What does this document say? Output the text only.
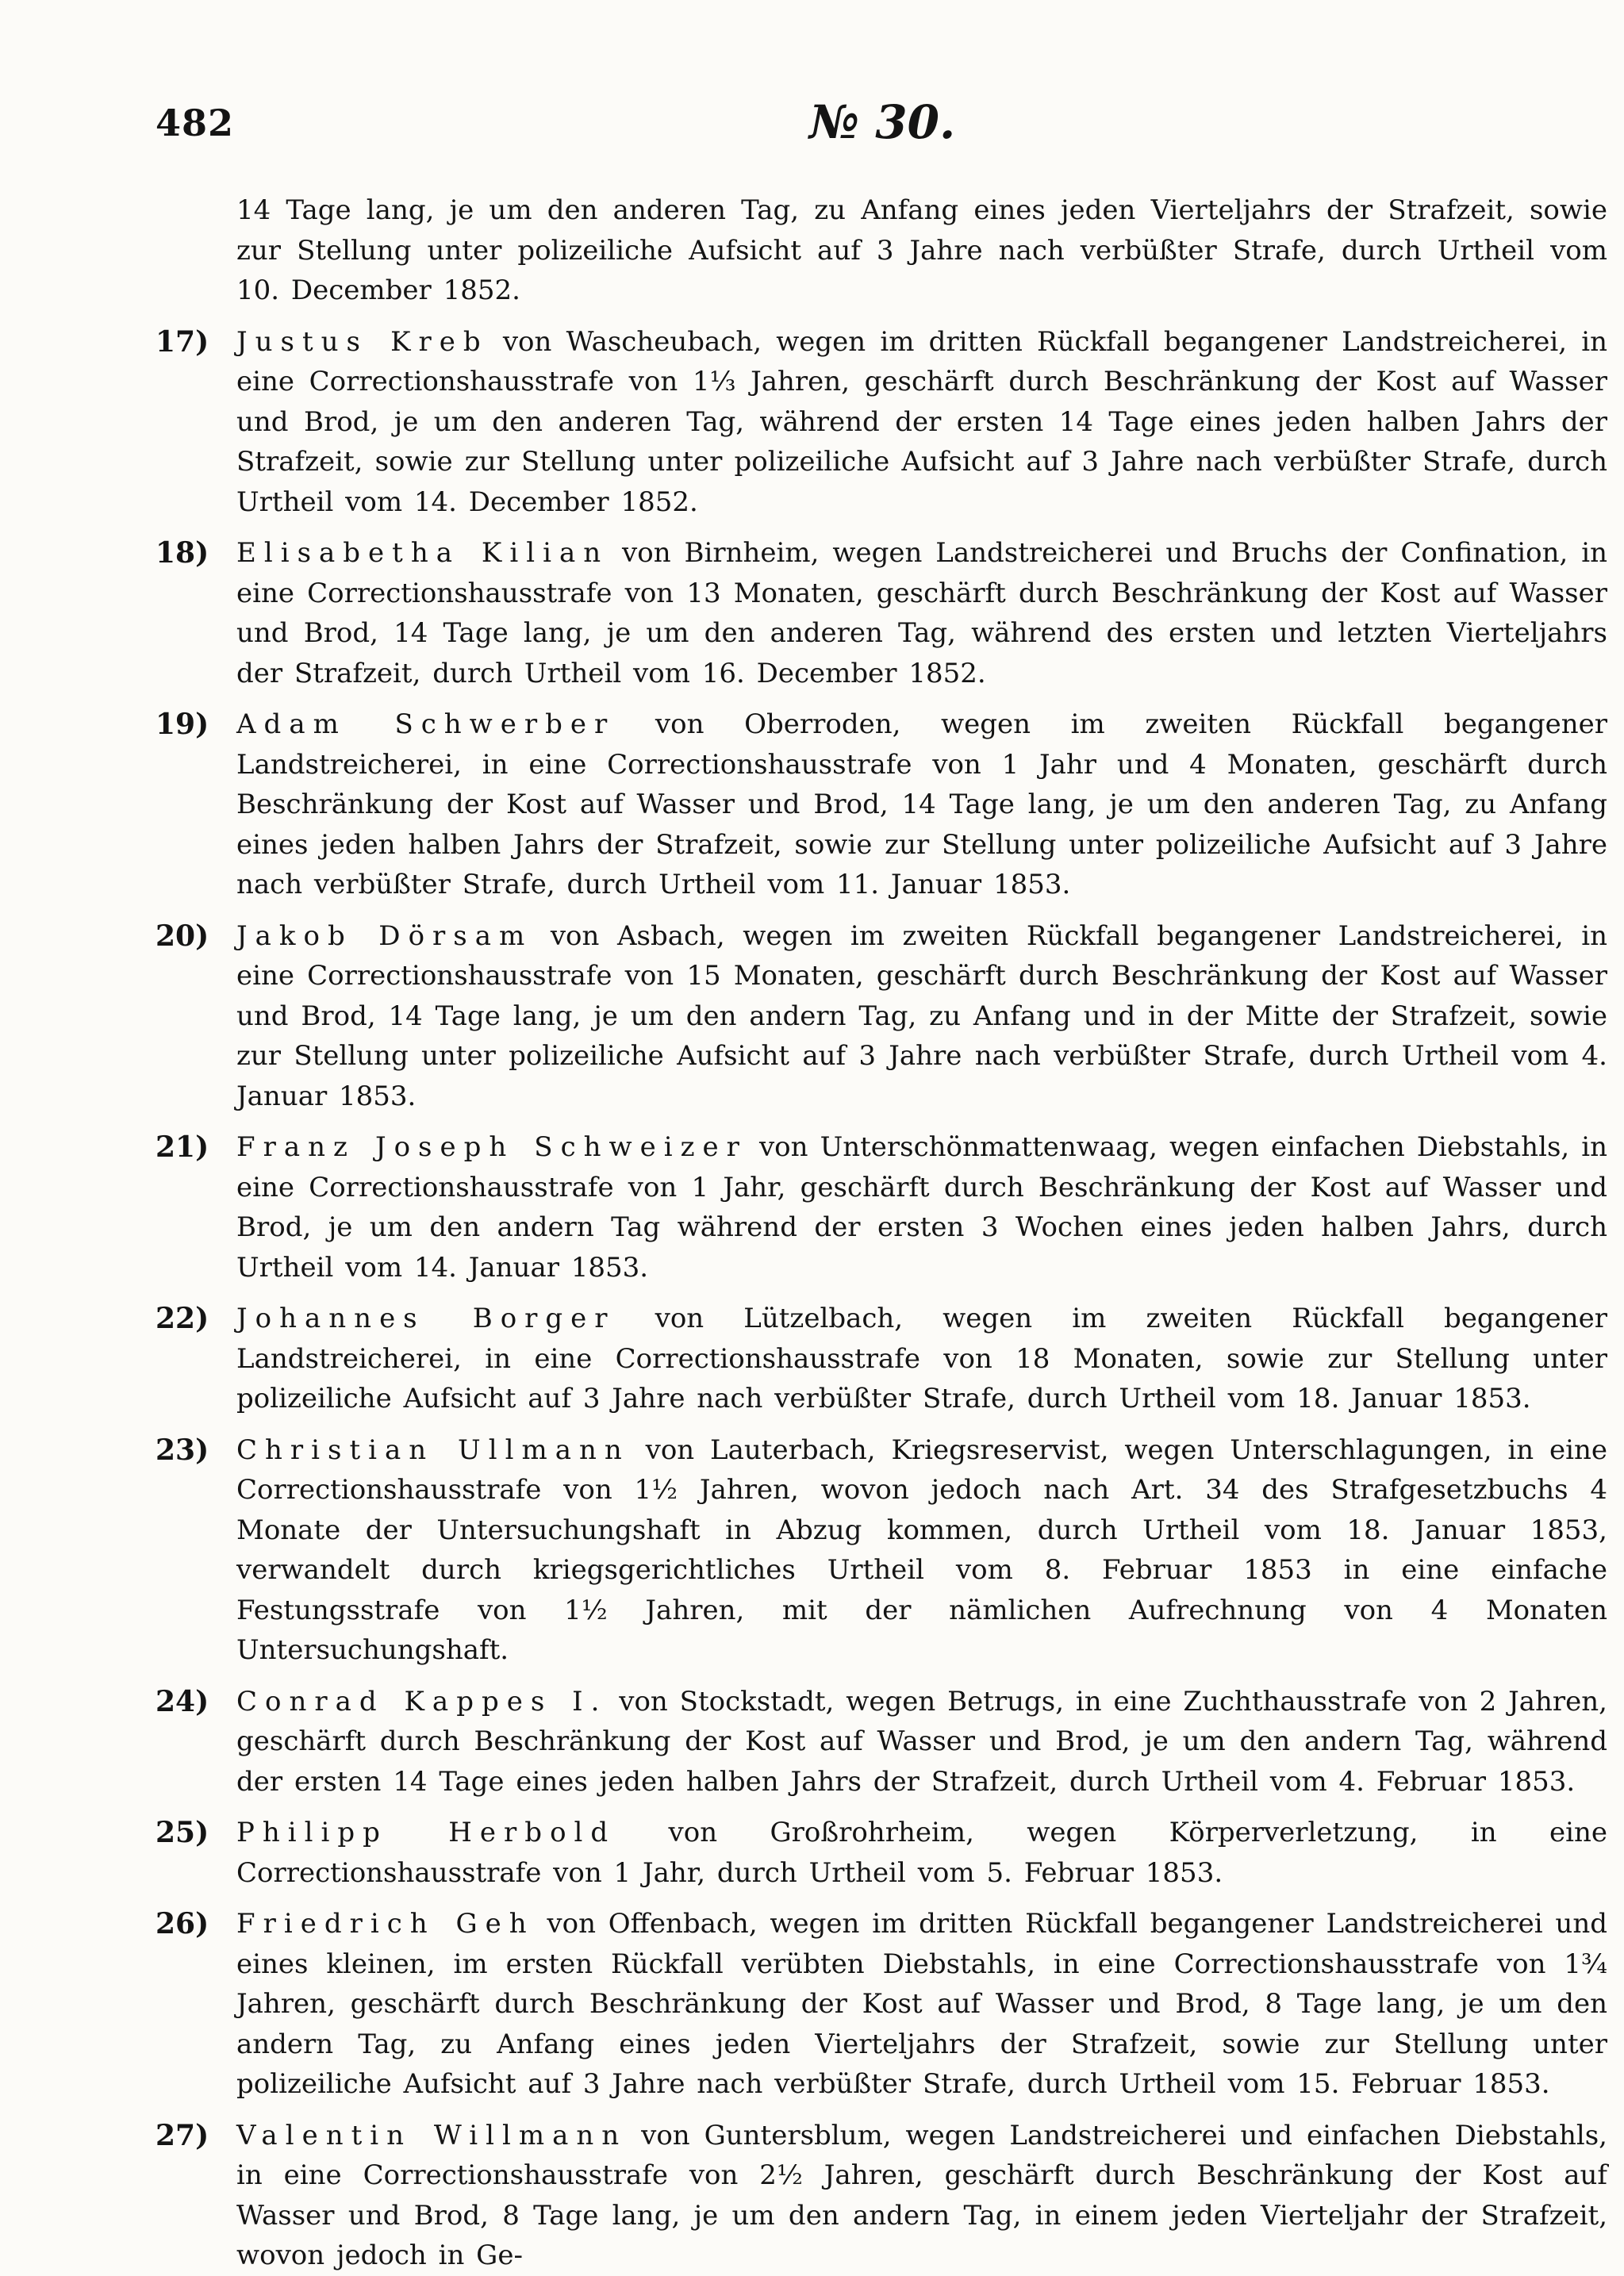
482	№ 30.

14 Tage lang, je um den anderen Tag, zu Anfang eines jeden Vierteljahrs der Strafzeit, sowie zur Stellung unter polizeiliche Aufsicht auf 3 Jahre nach verbüßter Strafe, durch Urtheil vom 10. December 1852.

17) Justus Kreb von Wascheubach, wegen im dritten Rückfall begangener Landstreicherei, in eine Correctionshausstrafe von 1⅓ Jahren, geschärft durch Beschränkung der Kost auf Wasser und Brod, je um den anderen Tag, während der ersten 14 Tage eines jeden halben Jahrs der Strafzeit, sowie zur Stellung unter polizeiliche Aufsicht auf 3 Jahre nach verbüßter Strafe, durch Urtheil vom 14. December 1852.
18) Elisabetha Kilian von Birnheim, wegen Landstreicherei und Bruchs der Confination, in eine Correctionshausstrafe von 13 Monaten, geschärft durch Beschränkung der Kost auf Wasser und Brod, 14 Tage lang, je um den anderen Tag, während des ersten und letzten Vierteljahrs der Strafzeit, durch Urtheil vom 16. December 1852.
19) Adam Schwerber von Oberroden, wegen im zweiten Rückfall begangener Landstreicherei, in eine Correctionshausstrafe von 1 Jahr und 4 Monaten, geschärft durch Beschränkung der Kost auf Wasser und Brod, 14 Tage lang, je um den anderen Tag, zu Anfang eines jeden halben Jahrs der Strafzeit, sowie zur Stellung unter polizeiliche Aufsicht auf 3 Jahre nach verbüßter Strafe, durch Urtheil vom 11. Januar 1853.
20) Jakob Dörsam von Asbach, wegen im zweiten Rückfall begangener Landstreicherei, in eine Correctionshausstrafe von 15 Monaten, geschärft durch Beschränkung der Kost auf Wasser und Brod, 14 Tage lang, je um den andern Tag, zu Anfang und in der Mitte der Strafzeit, sowie zur Stellung unter polizeiliche Aufsicht auf 3 Jahre nach verbüßter Strafe, durch Urtheil vom 4. Januar 1853.
21) Franz Joseph Schweizer von Unterschönmattenwaag, wegen einfachen Diebstahls, in eine Correctionshausstrafe von 1 Jahr, geschärft durch Beschränkung der Kost auf Wasser und Brod, je um den andern Tag während der ersten 3 Wochen eines jeden halben Jahrs, durch Urtheil vom 14. Januar 1853.
22) Johannes Borger von Lützelbach, wegen im zweiten Rückfall begangener Landstreicherei, in eine Correctionshausstrafe von 18 Monaten, sowie zur Stellung unter polizeiliche Aufsicht auf 3 Jahre nach verbüßter Strafe, durch Urtheil vom 18. Januar 1853.
23) Christian Ullmann von Lauterbach, Kriegsreservist, wegen Unterschlagungen, in eine Correctionshausstrafe von 1½ Jahren, wovon jedoch nach Art. 34 des Strafgesetzbuchs 4 Monate der Untersuchungshaft in Abzug kommen, durch Urtheil vom 18. Januar 1853, verwandelt durch kriegsgerichtliches Urtheil vom 8. Februar 1853 in eine einfache Festungsstrafe von 1½ Jahren, mit der nämlichen Aufrechnung von 4 Monaten Untersuchungshaft.
24) Conrad Kappes I. von Stockstadt, wegen Betrugs, in eine Zuchthausstrafe von 2 Jahren, geschärft durch Beschränkung der Kost auf Wasser und Brod, je um den andern Tag, während der ersten 14 Tage eines jeden halben Jahrs der Strafzeit, durch Urtheil vom 4. Februar 1853.
25) Philipp Herbold von Großrohrheim, wegen Körperverletzung, in eine Correctionshausstrafe von 1 Jahr, durch Urtheil vom 5. Februar 1853.
26) Friedrich Geh von Offenbach, wegen im dritten Rückfall begangener Landstreicherei und eines kleinen, im ersten Rückfall verübten Diebstahls, in eine Correctionshausstrafe von 1¾ Jahren, geschärft durch Beschränkung der Kost auf Wasser und Brod, 8 Tage lang, je um den andern Tag, zu Anfang eines jeden Vierteljahrs der Strafzeit, sowie zur Stellung unter polizeiliche Aufsicht auf 3 Jahre nach verbüßter Strafe, durch Urtheil vom 15. Februar 1853.
27) Valentin Willmann von Guntersblum, wegen Landstreicherei und einfachen Diebstahls, in eine Correctionshausstrafe von 2½ Jahren, geschärft durch Beschränkung der Kost auf Wasser und Brod, 8 Tage lang, je um den andern Tag, in einem jeden Vierteljahr der Strafzeit, wovon jedoch in Ge-
